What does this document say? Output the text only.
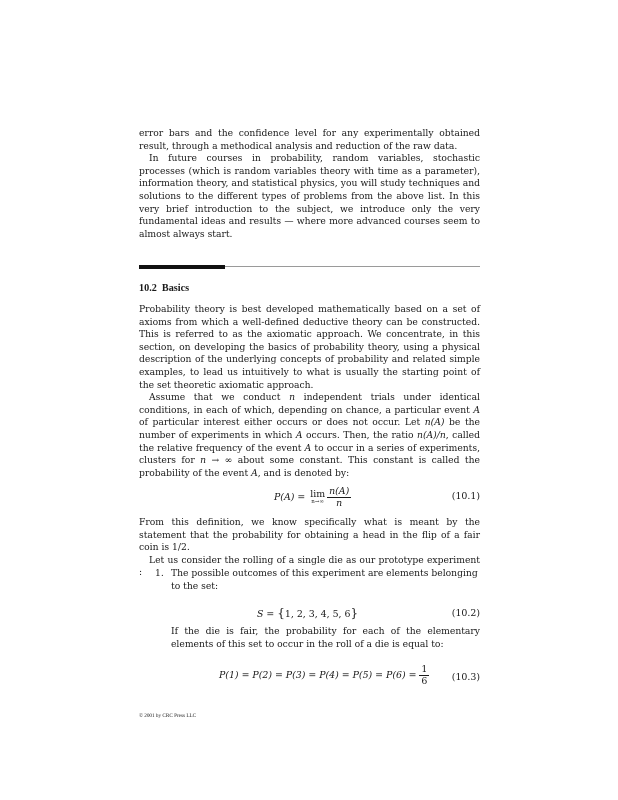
error bars and the confidence level for any experimentally obtained result, through a methodical analysis and reduction of the raw data.

In future courses in probability, random variables, stochastic processes (which is random variables theory with time as a parameter), information theory, and statistical physics, you will study techniques and solutions to the different types of problems from the above list. In this very brief introduction to the subject, we introduce only the very fundamental ideas and results — where more advanced courses seem to almost always start.

10.2 Basics

Probability theory is best developed mathematically based on a set of axioms from which a well-defined deductive theory can be constructed. This is referred to as the axiomatic approach. We concentrate, in this section, on developing the basics of probability theory, using a physical description of the underlying concepts of probability and related simple examples, to lead us intuitively to what is usually the starting point of the set theoretic axiomatic approach.

Assume that we conduct n independent trials under identical conditions, in each of which, depending on chance, a particular event A of particular interest either occurs or does not occur. Let n(A) be the number of experiments in which A occurs. Then, the ratio n(A)/n, called the relative frequency of the event A to occur in a series of experiments, clusters for n → ∞ about some constant. This constant is called the probability of the event A, and is denoted by:

P(A) = lim
$n\to\infty \frac{n(A)}{n}$	(10.1)

From this definition, we know specifically what is meant by the statement that the probability for obtaining a head in the flip of a fair coin is 1/2.

Let us consider the rolling of a single die as our prototype experiment :	1. The possible outcomes of this experiment are elements belonging to the set:

S = {1, 2, 3, 4, 5, 6}	(10.2)

If the die is fair, the probability for each of the elementary elements of this set to occur in the roll of a die is equal to:

$P(1) = P(2) = P(3) = P(4) = P(5) = P(6) = \frac{1}{6} (10.3)$
© 2001 by CRC Press LLC
